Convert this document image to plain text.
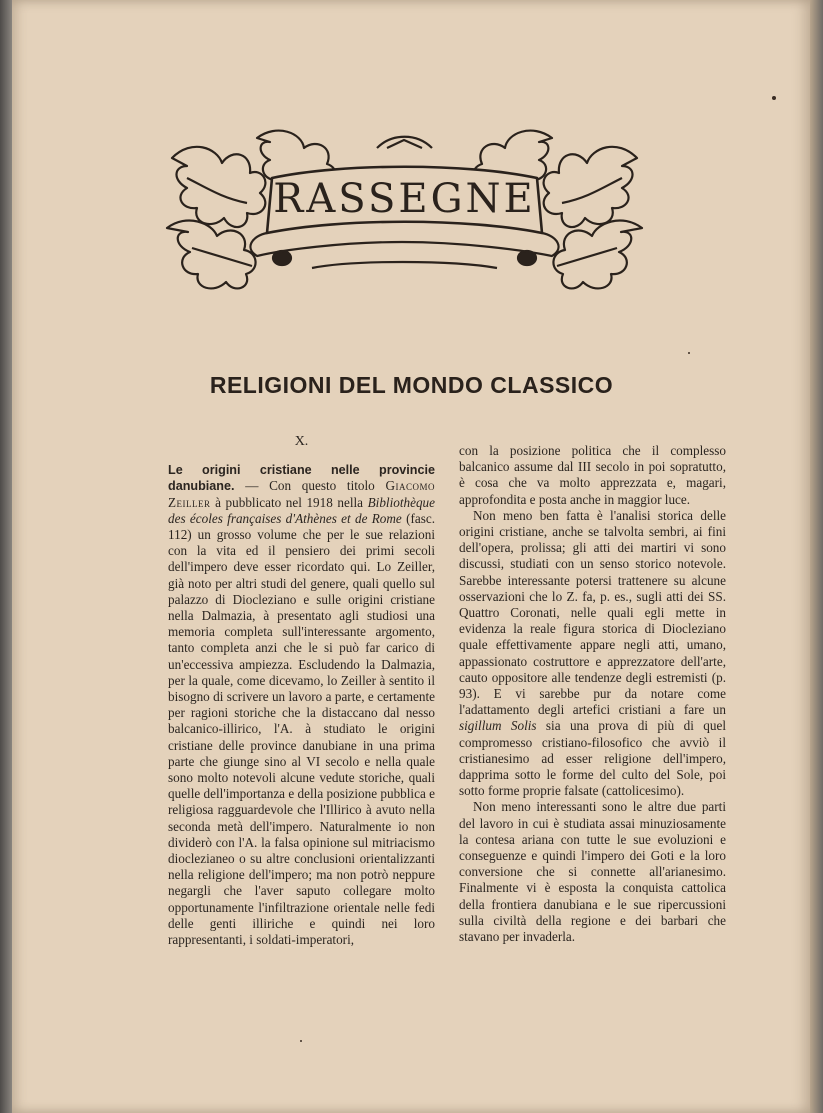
RASSEGNE
RELIGIONI DEL MONDO CLASSICO
X.

Le origini cristiane nelle provincie danubiane. — Con questo titolo Giacomo Zeiller à pubblicato nel 1918 nella Bibliothèque des écoles françaises d'Athènes et de Rome (fasc. 112) un grosso volume che per le sue relazioni con la vita ed il pensiero dei primi secoli dell'impero deve esser ricordato qui. Lo Zeiller, già noto per altri studi del genere, quali quello sul palazzo di Diocleziano e sulle origini cristiane nella Dalmazia, à presentato agli studiosi una memoria completa sull'interessante argomento, tanto completa anzi che le si può far carico di un'eccessiva ampiezza. Escludendo la Dalmazia, per la quale, come dicevamo, lo Zeiller à sentito il bisogno di scrivere un lavoro a parte, e certamente per ragioni storiche che la distaccano dal nesso balcanico-illirico, l'A. à studiato le origini cristiane delle province danubiane in una prima parte che giunge sino al VI secolo e nella quale sono molto notevoli alcune vedute storiche, quali quelle dell'importanza e della posizione pubblica e religiosa ragguardevole che l'Illirico à avuto nella seconda metà dell'impero. Naturalmente io non dividerò con l'A. la falsa opinione sul mitriacismo dioclezianeo o su altre conclusioni orientalizzanti nella religione dell'impero; ma non potrò neppure negargli che l'aver saputo collegare molto opportunamente l'infiltrazione orientale nelle fedi delle genti illiriche e quindi nei loro rappresentanti, i soldati-imperatori,

con la posizione politica che il complesso balcanico assume dal III secolo in poi sopratutto, è cosa che va molto apprezzata e, magari, approfondita e posta anche in maggior luce.

Non meno ben fatta è l'analisi storica delle origini cristiane, anche se talvolta sembri, ai fini dell'opera, prolissa; gli atti dei martiri vi sono discussi, studiati con un senso storico notevole. Sarebbe interessante potersi trattenere su alcune osservazioni che lo Z. fa, p. es., sugli atti dei SS. Quattro Coronati, nelle quali egli mette in evidenza la reale figura storica di Diocleziano quale effettivamente appare negli atti, umano, appassionato costruttore e apprezzatore dell'arte, cauto oppositore alle tendenze degli estremisti (p. 93). E vi sarebbe pur da notare come l'adattamento degli artefici cristiani a fare un sigillum Solis sia una prova di più di quel compromesso cristiano-filosofico che avviò il cristianesimo ad esser religione dell'impero, dapprima sotto le forme del culto del Sole, poi sotto forme proprie falsate (cattolicesimo).

Non meno interessanti sono le altre due parti del lavoro in cui è studiata assai minuziosamente la contesa ariana con tutte le sue evoluzioni e conseguenze e quindi l'impero dei Goti e la loro conversione che si connette all'arianesimo. Finalmente vi è esposta la conquista cattolica della frontiera danubiana e le sue ripercussioni sulla civiltà della regione e dei barbari che stavano per invaderla.
